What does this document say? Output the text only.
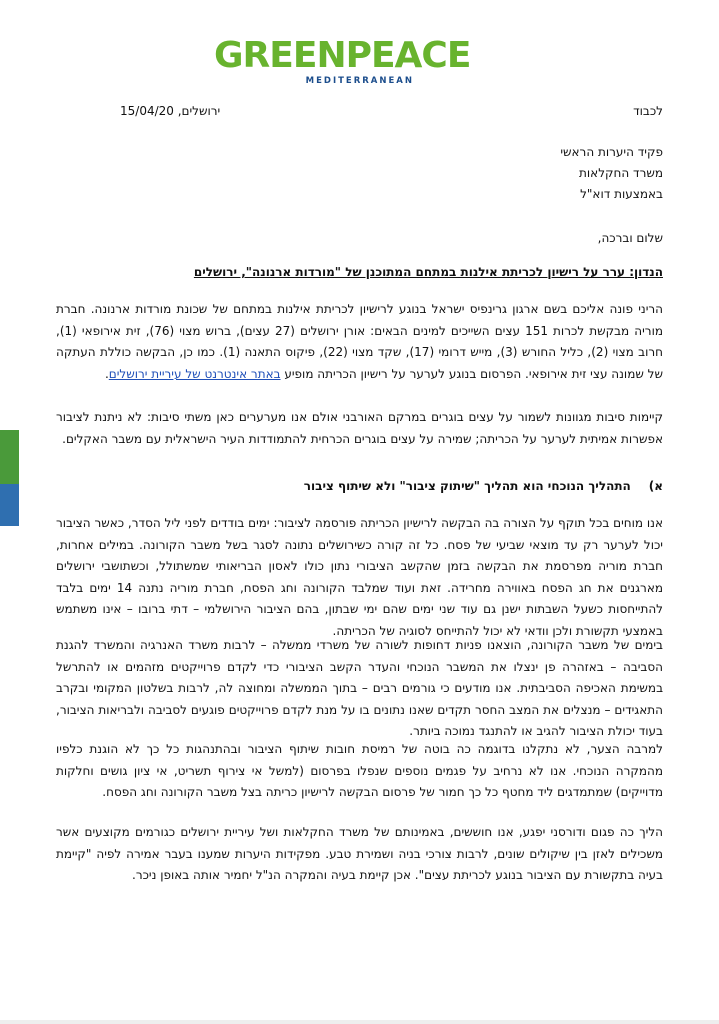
GREENPEACE
MEDITERRANEAN
לכבוד
ירושלים, 15/04/20
פקיד היערות הראשי
משרד החקלאות
באמצעות דוא"ל
שלום וברכה,
הנדון: ערר על רישיון לכריתת אילנות במתחם המתוכנן של "מורדות ארנונה", ירושלים
הריני פונה אליכם בשם ארגון גרינפיס ישראל בנוגע לרישיון לכריתת אילנות במתחם של שכונת מורדות ארנונה. חברת מוריה מבקשת לכרות 151 עצים השייכים למינים הבאים: אורן ירושלים (27 עצים), ברוש מצוי (76), זית אירופאי (1), חרוב מצוי (2), כליל החורש (3), מייש דרומי (17), שקד מצוי (22), פיקוס התאנה (1). כמו כן, הבקשה כוללת העתקה של שמונה עצי זית אירופאי. הפרסום בנוגע לערער על רישיון הכריתה מופיע באתר אינטרנט של עיריית ירושלים.
קיימות סיבות מגוונות לשמור על עצים בוגרים במרקם האורבני אולם אנו מערערים כאן משתי סיבות: לא ניתנת לציבור אפשרות אמיתית לערער על הכריתה; שמירה על עצים בוגרים הכרחית להתמודדות העיר הישראלית עם משבר האקלים.
א)התהליך הנוכחי הוא תהליך "שיתוק ציבור" ולא שיתוף ציבור
אנו מוחים בכל תוקף על הצורה בה הבקשה לרישיון הכריתה פורסמה לציבור: ימים בודדים לפני ליל הסדר, כאשר הציבור יכול לערער רק עד מוצאי שביעי של פסח. כל זה קורה כשירושלים נתונה לסגר בשל משבר הקורונה. במילים אחרות, חברת מוריה מפרסמת את הבקשה בזמן שהקשב הציבורי נתון כולו לאסון הבריאותי שמשתולל, וכשתושבי ירושלים מארגנים את חג הפסח באווירה מחרידה. זאת ועוד שמלבד הקורונה וחג הפסח, חברת מוריה נתנה 14 ימים בלבד להתייחסות כשעל השבתות ישנן גם עוד שני ימים שהם ימי שבתון, בהם הציבור הירושלמי – דתי ברובו – אינו משתמש באמצעי תקשורת ולכן וודאי לא יכול להתייחס לסוגיה של הכריתה.
בימים של משבר הקורונה, הוצאנו פניות דחופות לשורה של משרדי ממשלה – לרבות משרד האנרגיה והמשרד להגנת הסביבה – באזהרה פן ינצלו את המשבר הנוכחי והעדר הקשב הציבורי כדי לקדם פרוייקטים מזהמים או להתרשל במשימת האכיפה הסביבתית. אנו מודעים כי גורמים רבים – בתוך הממשלה ומחוצה לה, לרבות בשלטון המקומי ובקרב התאגידים – מנצלים את המצב החסר תקדים שאנו נתונים בו על מנת לקדם פרוייקטים פוגעים לסביבה ולבריאות הציבור, בעוד יכולת הציבור להגיב או להתנגד נמוכה ביותר.
למרבה הצער, לא נתקלנו בדוגמה כה בוטה של רמיסת חובות שיתוף הציבור ובהתנהגות כל כך לא הוגנת כלפיו מהמקרה הנוכחי. אנו לא נרחיב על פגמים נוספים שנפלו בפרסום (למשל אי צירוף תשריט, אי ציון גושים וחלקות מדוייקים) שמתמדגים ליד מחטף כל כך חמור של פרסום הבקשה לרישיון כריתה בצל משבר הקורונה וחג הפסח.
הליך כה פגום ודורסני יפגע, אנו חוששים, באמינותם של משרד החקלאות ושל עיריית ירושלים כגורמים מקוצעים אשר משכילים לאזן בין שיקולים שונים, לרבות צורכי בניה ושמירת טבע. מפקידות היערות שמענו בעבר אמירה לפיה "קיימת בעיה בתקשורת עם הציבור בנוגע לכריתת עצים". אכן קיימת בעיה והמקרה הנ"ל יחמיר אותה באופן ניכר.
